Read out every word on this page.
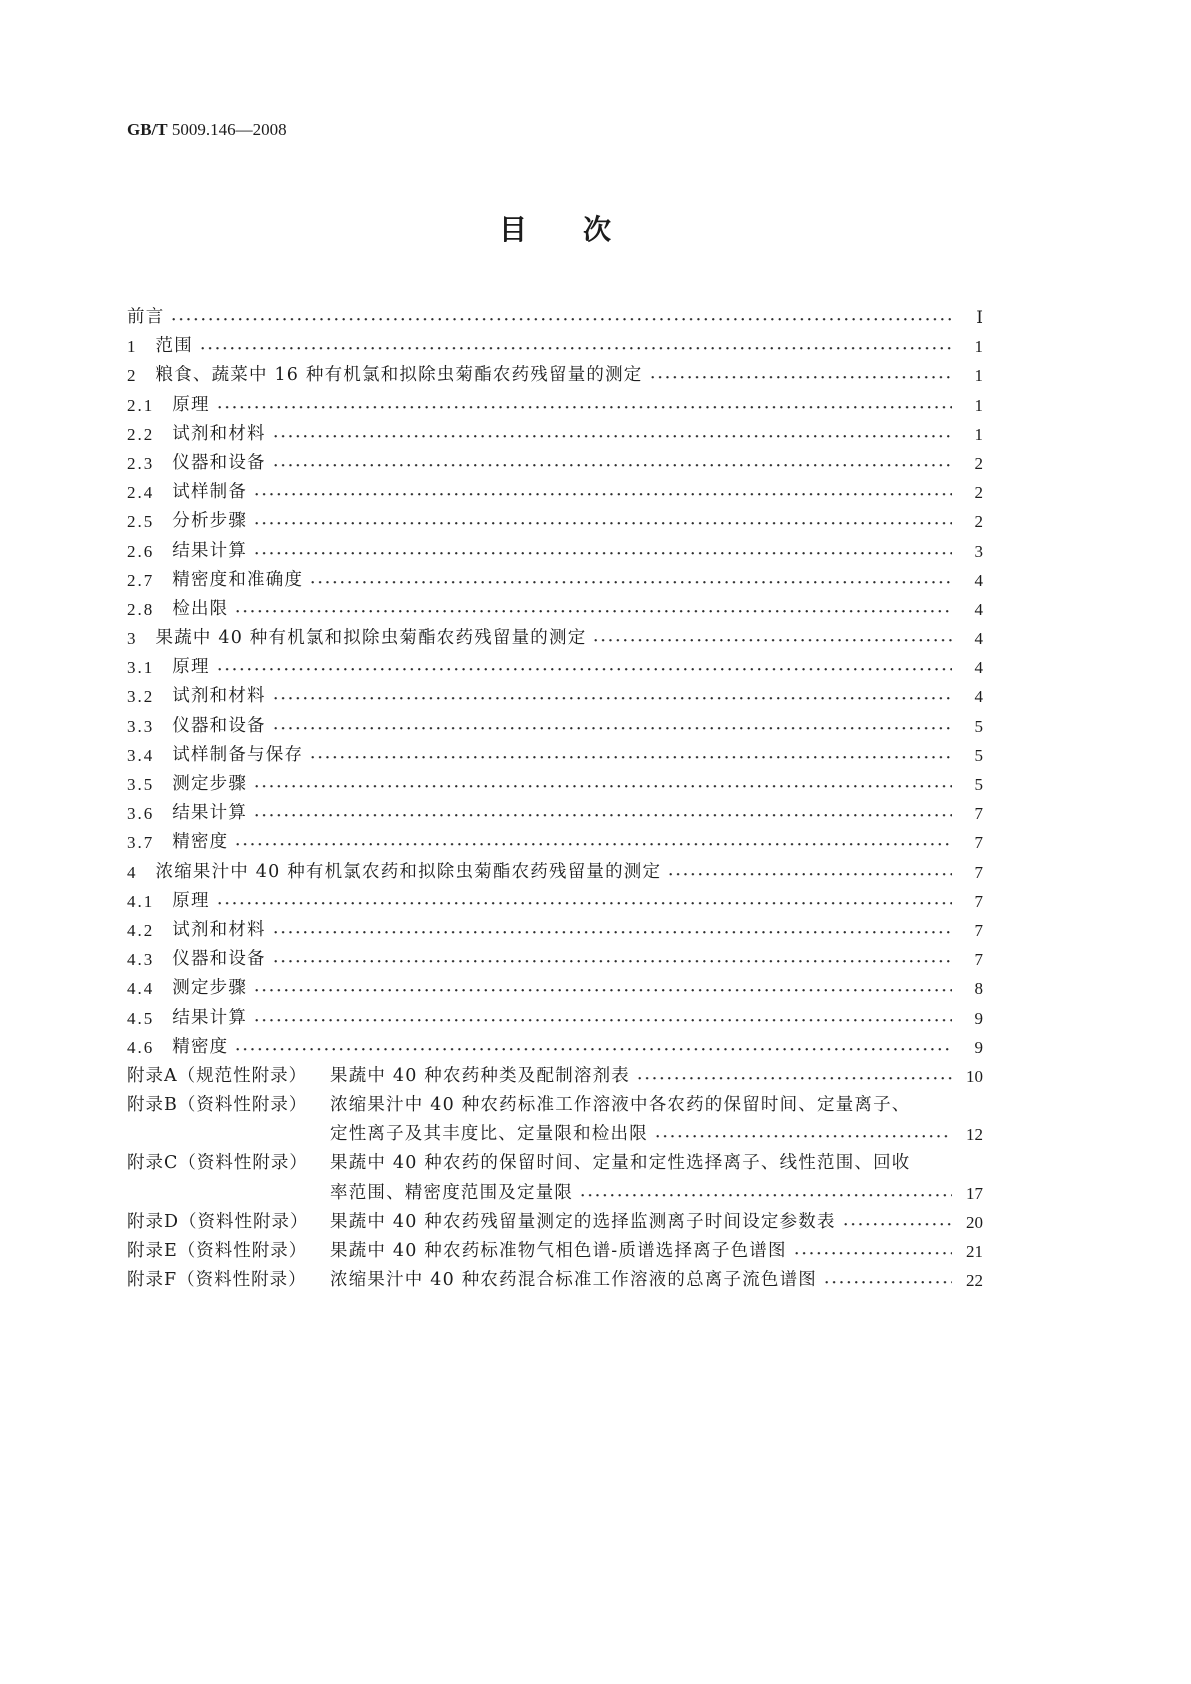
GB/T 5009.146—2008
目次
前言	Ⅰ
1 范围	1
2 粮食、蔬菜中 16 种有机氯和拟除虫菊酯农药残留量的测定	1
2.1 原理	1
2.2 试剂和材料	1
2.3 仪器和设备	2
2.4 试样制备	2
2.5 分析步骤	2
2.6 结果计算	3
2.7 精密度和准确度	4
2.8 检出限	4
3 果蔬中 40 种有机氯和拟除虫菊酯农药残留量的测定	4
3.1 原理	4
3.2 试剂和材料	4
3.3 仪器和设备	5
3.4 试样制备与保存	5
3.5 测定步骤	5
3.6 结果计算	7
3.7 精密度	7
4 浓缩果汁中 40 种有机氯农药和拟除虫菊酯农药残留量的测定	7
4.1 原理	7
4.2 试剂和材料	7
4.3 仪器和设备	7
4.4 测定步骤	8
4.5 结果计算	9
4.6 精密度	9
附录A（规范性附录）	果蔬中 40 种农药种类及配制溶剂表	10
附录B（资料性附录）	浓缩果汁中 40 种农药标准工作溶液中各农药的保留时间、定量离子、
定性离子及其丰度比、定量限和检出限	12
附录C（资料性附录）	果蔬中 40 种农药的保留时间、定量和定性选择离子、线性范围、回收
率范围、精密度范围及定量限	17
附录D（资料性附录）	果蔬中 40 种农药残留量测定的选择监测离子时间设定参数表	20
附录E（资料性附录）	果蔬中 40 种农药标准物气相色谱-质谱选择离子色谱图	21
附录F（资料性附录）	浓缩果汁中 40 种农药混合标准工作溶液的总离子流色谱图	22
